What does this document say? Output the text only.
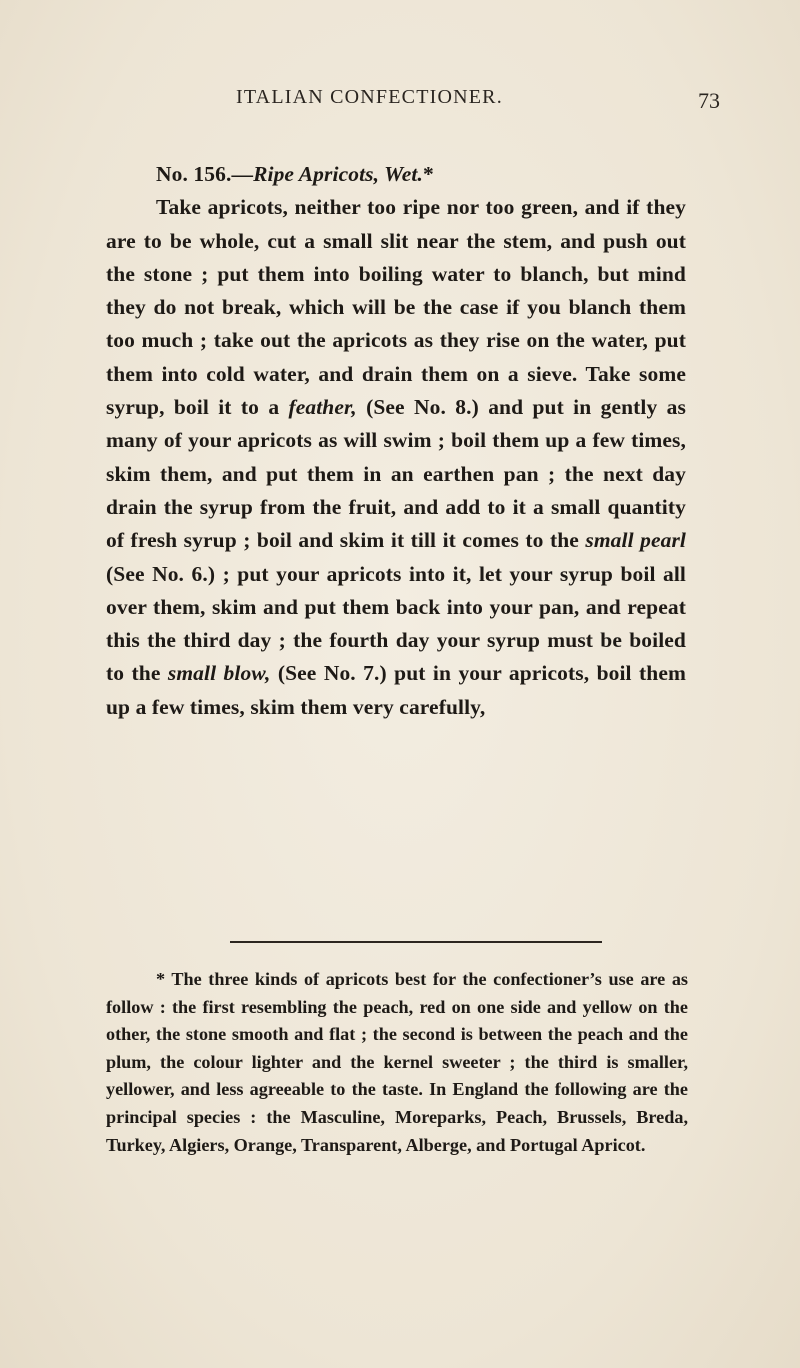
ITALIAN CONFECTIONER.	73
No. 156.—Ripe Apricots, Wet.*

Take apricots, neither too ripe nor too green, and if they are to be whole, cut a small slit near the stem, and push out the stone ; put them into boiling water to blanch, but mind they do not break, which will be the case if you blanch them too much ; take out the apricots as they rise on the water, put them into cold water, and drain them on a sieve. Take some syrup, boil it to a feather, (See No. 8.) and put in gently as many of your apricots as will swim ; boil them up a few times, skim them, and put them in an earthen pan ; the next day drain the syrup from the fruit, and add to it a small quantity of fresh syrup ; boil and skim it till it comes to the small pearl (See No. 6.) ; put your apricots into it, let your syrup boil all over them, skim and put them back into your pan, and repeat this the third day ; the fourth day your syrup must be boiled to the small blow, (See No. 7.) put in your apricots, boil them up a few times, skim them very carefully,

* The three kinds of apricots best for the confectioner’s use are as follow : the first resembling the peach, red on one side and yellow on the other, the stone smooth and flat ; the second is between the peach and the plum, the colour lighter and the kernel sweeter ; the third is smaller, yellower, and less agreeable to the taste. In England the following are the principal species : the Masculine, Moreparks, Peach, Brussels, Breda, Turkey, Algiers, Orange, Transparent, Alberge, and Portugal Apricot.
